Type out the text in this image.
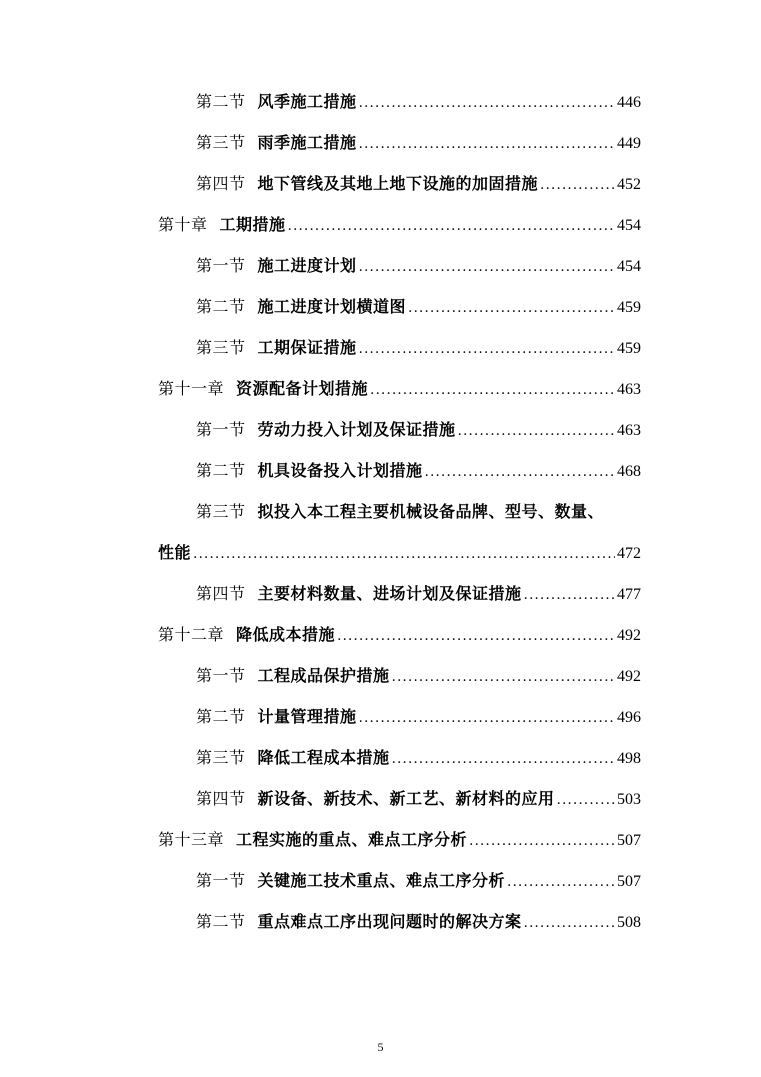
第二节 风季施工措施 .....	446
第三节 雨季施工措施 .....	449
第四节 地下管线及其地上地下设施的加固措施 .....	452
第十章 工期措施 .....	454
第一节 施工进度计划 .....	454
第二节 施工进度计划横道图 .....	459
第三节 工期保证措施 .....	459
第十一章 资源配备计划措施 .....	463
第一节 劳动力投入计划及保证措施 .....	463
第二节 机具设备投入计划措施 .....	468
第三节 拟投入本工程主要机械设备品牌、型号、数量、
性能 .....	472
第四节 主要材料数量、进场计划及保证措施 .....	477
第十二章 降低成本措施 .....	492
第一节 工程成品保护措施 .....	492
第二节 计量管理措施 .....	496
第三节 降低工程成本措施 .....	498
第四节 新设备、新技术、新工艺、新材料的应用 .....	503
第十三章 工程实施的重点、难点工序分析 .....	507
第一节 关键施工技术重点、难点工序分析 .....	507
第二节 重点难点工序出现问题时的解决方案 .....	508
5
